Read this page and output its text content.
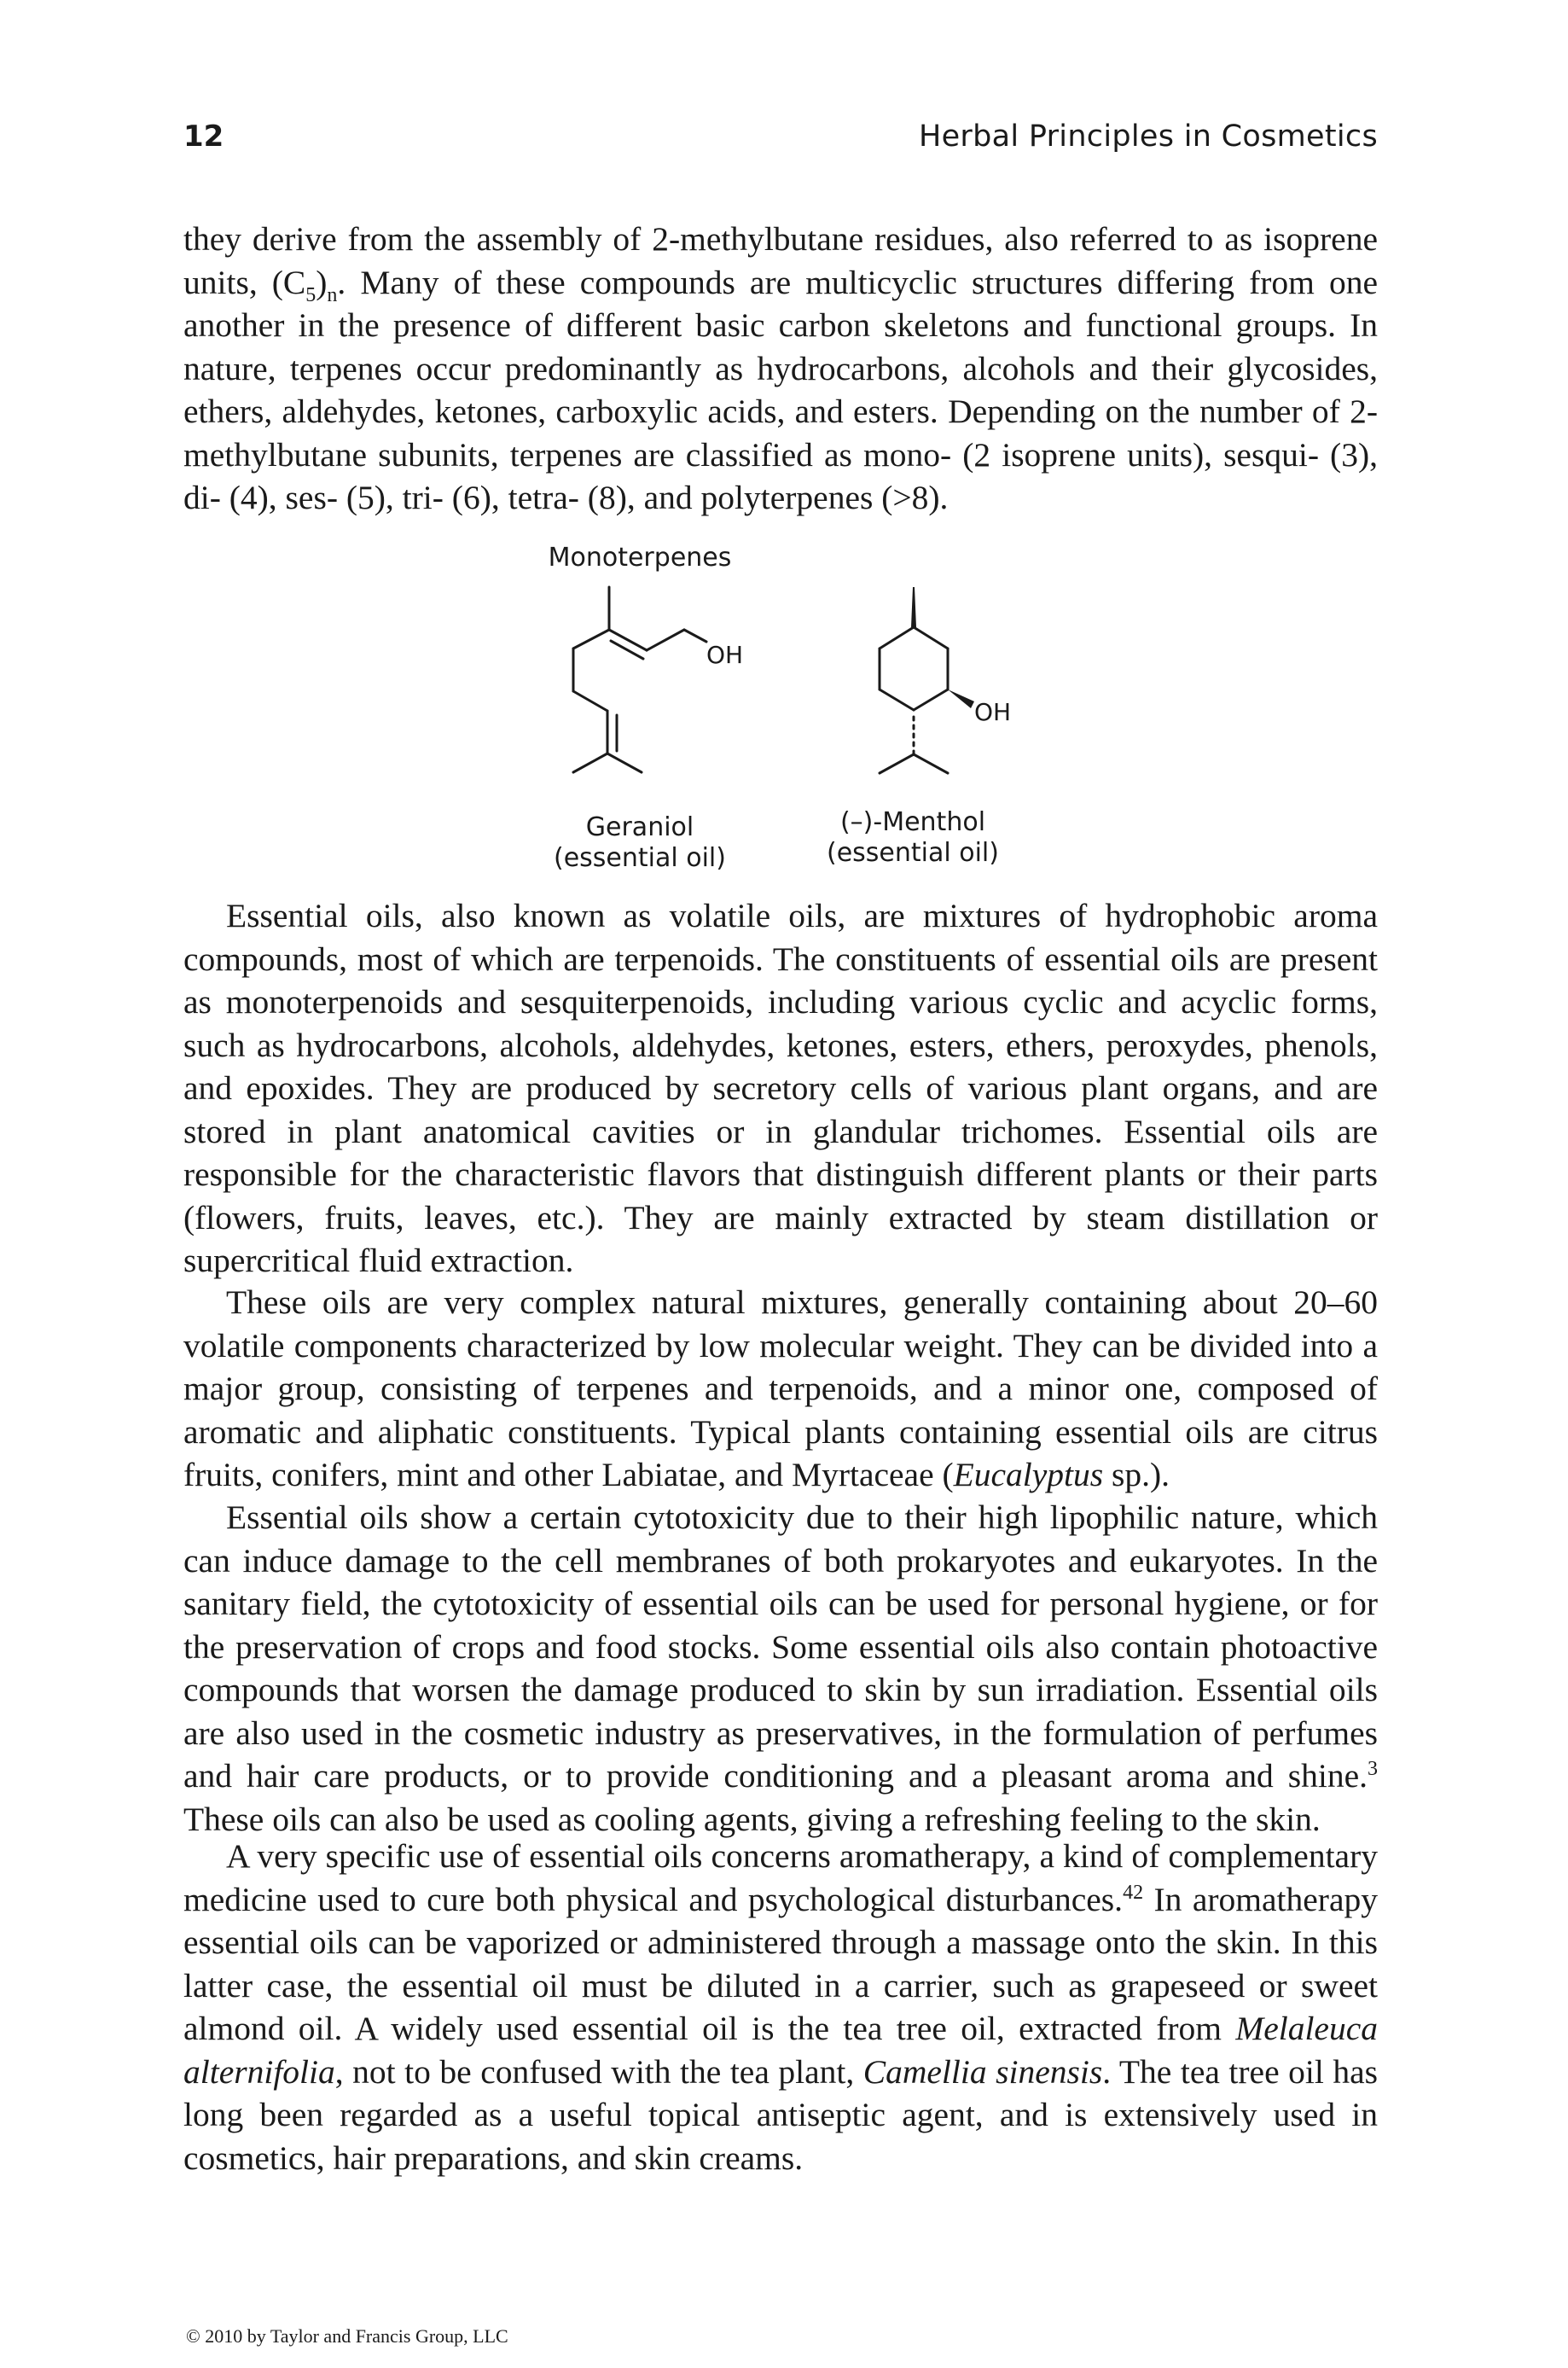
12	Herbal Principles in Cosmetics

they derive from the assembly of 2-methylbutane residues, also referred to as isoprene units, $(C_5)_n$. Many of these compounds are multicyclic structures differing from one another in the presence of different basic carbon skeletons and functional groups. In nature, terpenes occur predominantly as hydrocarbons, alcohols and their glycosides, ethers, aldehydes, ketones, carboxylic acids, and esters. Depending on the number of 2-methylbutane subunits, terpenes are classified as mono- (2 isoprene units), sesqui- (3), di- (4), ses- (5), tri- (6), tetra- (8), and polyterpenes (>8).

Monoterpenes
OH
OH
Geraniol
(essential oil)
(–)-Menthol
(essential oil)

Essential oils, also known as volatile oils, are mixtures of hydrophobic aroma compounds, most of which are terpenoids. The constituents of essential oils are present as monoterpenoids and sesquiterpenoids, including various cyclic and acyclic forms, such as hydrocarbons, alcohols, aldehydes, ketones, esters, ethers, peroxydes, phenols, and epoxides. They are produced by secretory cells of various plant organs, and are stored in plant anatomical cavities or in glandular trichomes. Essential oils are responsible for the characteristic flavors that distinguish different plants or their parts (flowers, fruits, leaves, etc.). They are mainly extracted by steam distillation or supercritical fluid extraction.

These oils are very complex natural mixtures, generally containing about 20–60 volatile components characterized by low molecular weight. They can be divided into a major group, consisting of terpenes and terpenoids, and a minor one, composed of aromatic and aliphatic constituents. Typical plants containing essential oils are citrus fruits, conifers, mint and other Labiatae, and Myrtaceae (Eucalyptus sp.).

Essential oils show a certain cytotoxicity due to their high lipophilic nature, which can induce damage to the cell membranes of both prokaryotes and eukaryotes. In the sanitary field, the cytotoxicity of essential oils can be used for personal hygiene, or for the preservation of crops and food stocks. Some essential oils also contain photoactive compounds that worsen the damage produced to skin by sun irradiation. Essential oils are also used in the cosmetic industry as preservatives, in the formulation of perfumes and hair care products, or to provide conditioning and a pleasant aroma and shine.$^3$ These oils can also be used as cooling agents, giving a refreshing feeling to the skin.

A very specific use of essential oils concerns aromatherapy, a kind of complementary medicine used to cure both physical and psychological disturbances.$^{42}$ In aromatherapy essential oils can be vaporized or administered through a massage onto the skin. In this latter case, the essential oil must be diluted in a carrier, such as grapeseed or sweet almond oil. A widely used essential oil is the tea tree oil, extracted from Melaleuca alternifolia, not to be confused with the tea plant, Camellia sinensis. The tea tree oil has long been regarded as a useful topical antiseptic agent, and is extensively used in cosmetics, hair preparations, and skin creams.

© 2010 by Taylor and Francis Group, LLC
